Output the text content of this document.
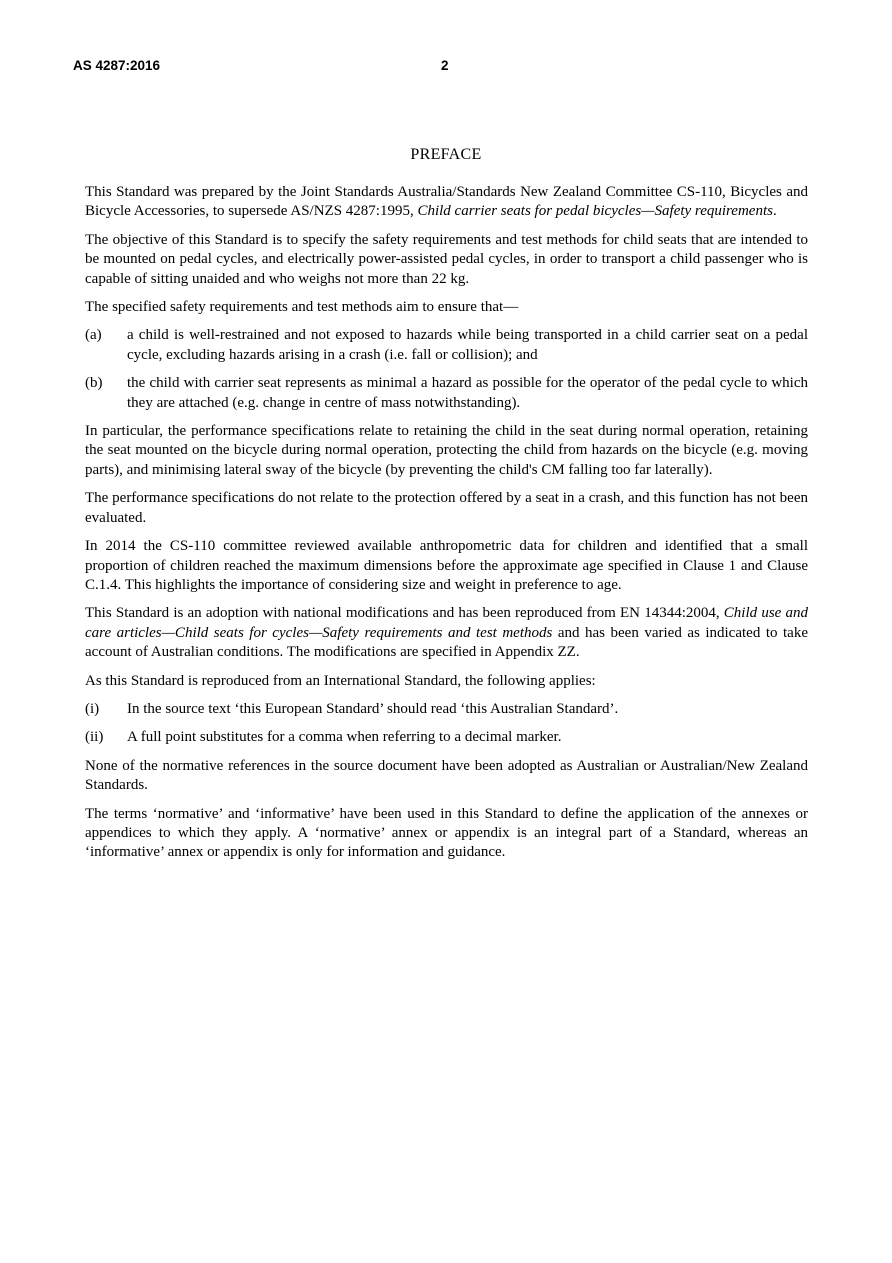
AS 4287:2016	2
PREFACE

This Standard was prepared by the Joint Standards Australia/Standards New Zealand Committee CS-110, Bicycles and Bicycle Accessories, to supersede AS/NZS 4287:1995, Child carrier seats for pedal bicycles—Safety requirements.

The objective of this Standard is to specify the safety requirements and test methods for child seats that are intended to be mounted on pedal cycles, and electrically power-assisted pedal cycles, in order to transport a child passenger who is capable of sitting unaided and who weighs not more than 22 kg.

The specified safety requirements and test methods aim to ensure that—

(a)	a child is well-restrained and not exposed to hazards while being transported in a child carrier seat on a pedal cycle, excluding hazards arising in a crash (i.e. fall or collision); and
(b)	the child with carrier seat represents as minimal a hazard as possible for the operator of the pedal cycle to which they are attached (e.g. change in centre of mass notwithstanding).

In particular, the performance specifications relate to retaining the child in the seat during normal operation, retaining the seat mounted on the bicycle during normal operation, protecting the child from hazards on the bicycle (e.g. moving parts), and minimising lateral sway of the bicycle (by preventing the child's CM falling too far laterally).

The performance specifications do not relate to the protection offered by a seat in a crash, and this function has not been evaluated.

In 2014 the CS-110 committee reviewed available anthropometric data for children and identified that a small proportion of children reached the maximum dimensions before the approximate age specified in Clause 1 and Clause C.1.4. This highlights the importance of considering size and weight in preference to age.

This Standard is an adoption with national modifications and has been reproduced from EN 14344:2004, Child use and care articles—Child seats for cycles—Safety requirements and test methods and has been varied as indicated to take account of Australian conditions. The modifications are specified in Appendix ZZ.

As this Standard is reproduced from an International Standard, the following applies:

(i)	In the source text ‘this European Standard’ should read ‘this Australian Standard’.
(ii)	A full point substitutes for a comma when referring to a decimal marker.

None of the normative references in the source document have been adopted as Australian or Australian/New Zealand Standards.

The terms ‘normative’ and ‘informative’ have been used in this Standard to define the application of the annexes or appendices to which they apply. A ‘normative’ annex or appendix is an integral part of a Standard, whereas an ‘informative’ annex or appendix is only for information and guidance.
